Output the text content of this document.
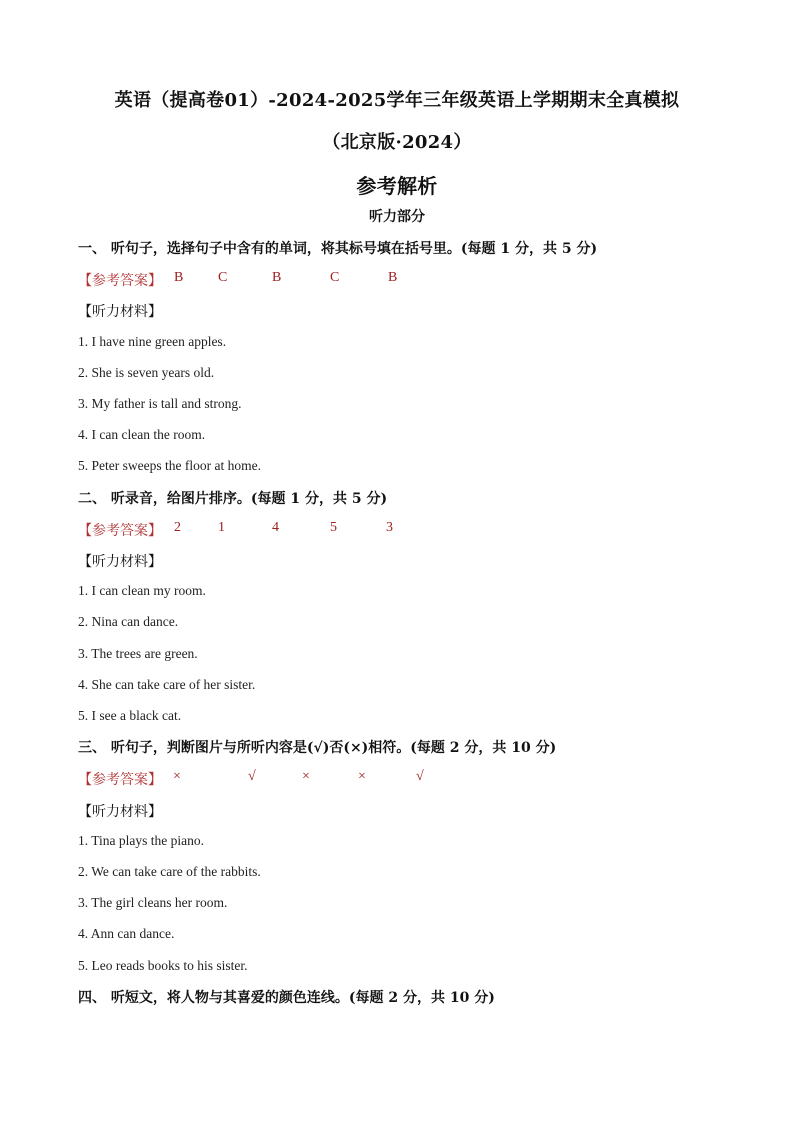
英语（提高卷01）-2024-2025学年三年级英语上学期期末全真模拟
（北京版·2024）
参考解析
听力部分
一、 听句子，选择句子中含有的单词，将其标号填在括号里。(每题 1 分，共 5 分)
【参考答案】 B C	B	C	B
【听力材料】
1. I have nine green apples.
2. She is seven years old.
3. My father is tall and strong.
4. I can clean the room.
5. Peter sweeps the floor at home.
二、 听录音，给图片排序。(每题 1 分，共 5 分)
【参考答案】 2	1	4	5	3
【听力材料】
1. I can clean my room.
2. Nina can dance.
3. The trees are green.
4. She can take care of her sister.
5. I see a black cat.
三、 听句子，判断图片与所听内容是(√)否(×)相符。(每题 2 分，共 10 分)
【参考答案】 ×	√	×	×	√
【听力材料】
1. Tina plays the piano.
2. We can take care of the rabbits.
3. The girl cleans her room.
4. Ann can dance.
5. Leo reads books to his sister.
四、 听短文，将人物与其喜爱的颜色连线。(每题 2 分，共 10 分)
